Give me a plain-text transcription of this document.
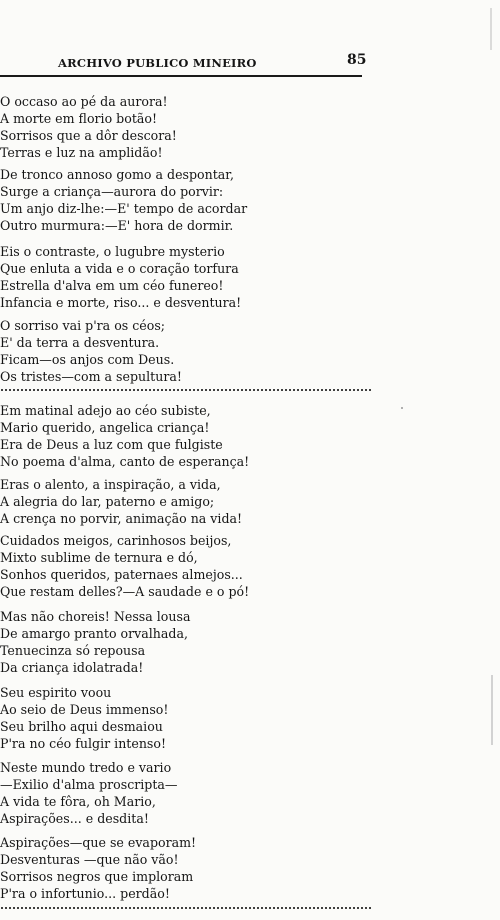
ARCHIVO PUBLICO MINEIRO	85
O occaso ao pé da aurora!
A morte em florio botão!
Sorrisos que a dôr descora!
Terras e luz na amplidão!
De tronco annoso gomo a despontar,
Surge a criança—aurora do porvir:
Um anjo diz-lhe:—E' tempo de acordar
Outro murmura:—E' hora de dormir.
Eis o contraste, o lugubre mysterio
Que enluta a vida e o coração torfura
Estrella d'alva em um céo funereo!
Infancia e morte, riso... e desventura!
O sorriso vai p'ra os céos;
E' da terra a desventura.
Ficam—os anjos com Deus.
Os tristes—com a sepultura!
Em matinal adejo ao céo subiste,
Mario querido, angelica criança!
Era de Deus a luz com que fulgiste
No poema d'alma, canto de esperança!
Eras o alento, a inspiração, a vida,
A alegria do lar, paterno e amigo;
A crença no porvir, animação na vida!
Cuidados meigos, carinhosos beijos,
Mixto sublime de ternura e dó,
Sonhos queridos, paternaes almejos...
Que restam delles?—A saudade e o pó!
Mas não choreis! Nessa lousa
De amargo pranto orvalhada,
Tenuecinza só repousa
Da criança idolatrada!
Seu espirito voou
Ao seio de Deus immenso!
Seu brilho aqui desmaiou
P'ra no céo fulgir intenso!
Neste mundo tredo e vario
—Exilio d'alma proscripta—
A vida te fôra, oh Mario,
Aspirações... e desdita!
Aspirações—que se evaporam!
Desventuras —que não vão!
Sorrisos negros que imploram
P'ra o infortunio... perdão!
